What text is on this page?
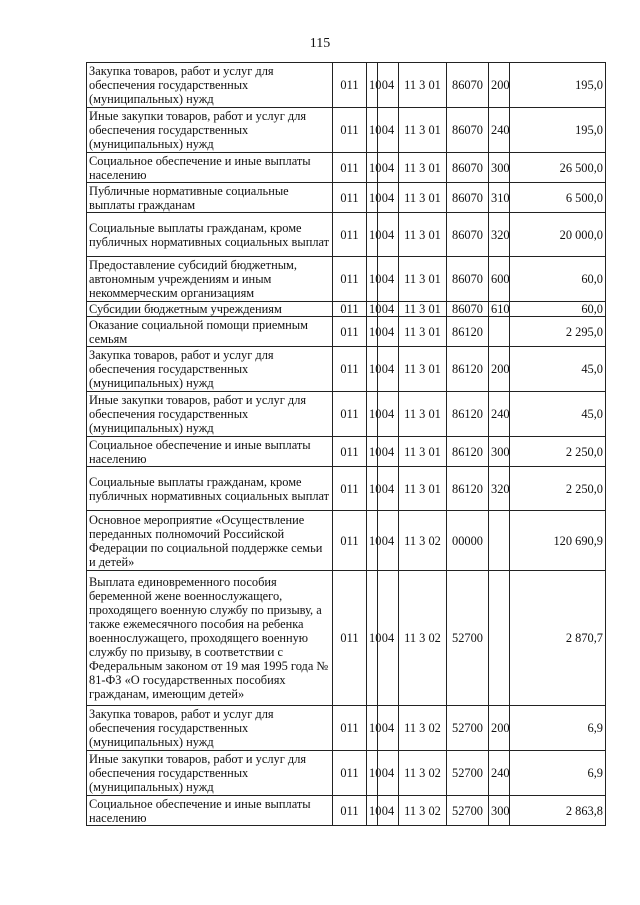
115
Закупка товаров, работ и услуг для обеспечения государственных (муниципальных) нужд	011	10	04	11 3 01	86070	200	195,0
Иные закупки товаров, работ и услуг для обеспечения государственных (муниципальных) нужд	011	10	04	11 3 01	86070	240	195,0
Социальное обеспечение и иные выплаты населению	011	10	04	11 3 01	86070	300	26 500,0
Публичные нормативные социальные выплаты гражданам	011	10	04	11 3 01	86070	310	6 500,0
Социальные выплаты гражданам, кроме публичных нормативных социальных выплат	011	10	04	11 3 01	86070	320	20 000,0
Предоставление субсидий бюджетным, автономным учреждениям и иным некоммерческим организациям	011	10	04	11 3 01	86070	600	60,0
Субсидии бюджетным учреждениям	011	10	04	11 3 01	86070	610	60,0
Оказание социальной помощи приемным семьям	011	10	04	11 3 01	86120		2 295,0
Закупка товаров, работ и услуг для обеспечения государственных (муниципальных) нужд	011	10	04	11 3 01	86120	200	45,0
Иные закупки товаров, работ и услуг для обеспечения государственных (муниципальных) нужд	011	10	04	11 3 01	86120	240	45,0
Социальное обеспечение и иные выплаты населению	011	10	04	11 3 01	86120	300	2 250,0
Социальные выплаты гражданам, кроме публичных нормативных социальных выплат	011	10	04	11 3 01	86120	320	2 250,0
Основное мероприятие «Осуществление переданных полномочий Российской Федерации по социальной поддержке семьи и детей»	011	10	04	11 3 02	00000		120 690,9
Выплата единовременного пособия беременной жене военнослужащего, проходящего военную службу по призыву, а также ежемесячного пособия на ребенка военнослужащего, проходящего военную службу по призыву, в соответствии с Федеральным законом от 19 мая 1995 года № 81-ФЗ «О государственных пособиях гражданам, имеющим детей»	011	10	04	11 3 02	52700		2 870,7
Закупка товаров, работ и услуг для обеспечения государственных (муниципальных) нужд	011	10	04	11 3 02	52700	200	6,9
Иные закупки товаров, работ и услуг для обеспечения государственных (муниципальных) нужд	011	10	04	11 3 02	52700	240	6,9
Социальное обеспечение и иные выплаты населению	011	10	04	11 3 02	52700	300	2 863,8
